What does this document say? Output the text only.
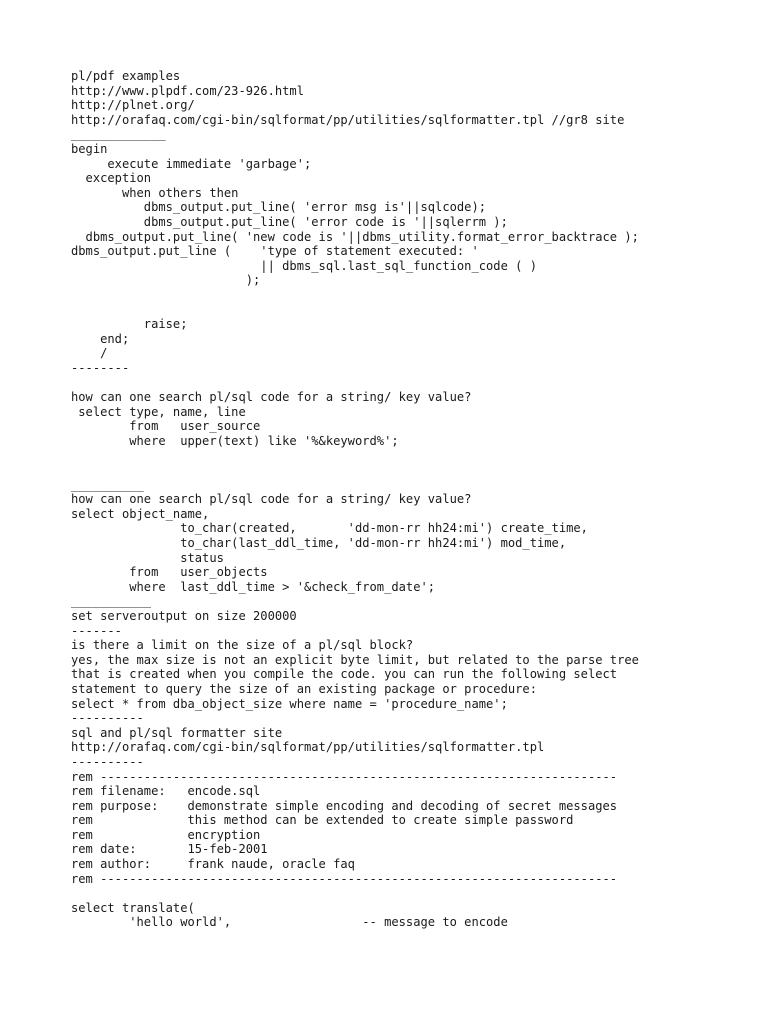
pl/pdf examples
http://www.plpdf.com/23-926.html
http://plnet.org/
http://orafaq.com/cgi-bin/sqlformat/pp/utilities/sqlformatter.tpl //gr8 site
_____________
begin
execute immediate 'garbage';
exception
when others then
dbms_output.put_line( 'error msg is'||sqlcode);
dbms_output.put_line( 'error code is '||sqlerrm );
dbms_output.put_line( 'new code is '||dbms_utility.format_error_backtrace );
dbms_output.put_line (    'type of statement executed: '
|| dbms_sql.last_sql_function_code ( )
);
raise;
end;
/
--------
how can one search pl/sql code for a string/ key value?
select type, name, line
from   user_source
where  upper(text) like '%&keyword%';
__________
how can one search pl/sql code for a string/ key value?
select object_name,
to_char(created,       'dd-mon-rr hh24:mi') create_time,
to_char(last_ddl_time, 'dd-mon-rr hh24:mi') mod_time,
status
from   user_objects
where  last_ddl_time > '&check_from_date';
___________
set serveroutput on size 200000
-------
is there a limit on the size of a pl/sql block?
yes, the max size is not an explicit byte limit, but related to the parse tree
that is created when you compile the code. you can run the following select
statement to query the size of an existing package or procedure:
select * from dba_object_size where name = 'procedure_name';
----------
sql and pl/sql formatter site
http://orafaq.com/cgi-bin/sqlformat/pp/utilities/sqlformatter.tpl
----------
rem -----------------------------------------------------------------------
rem filename:   encode.sql
rem purpose:    demonstrate simple encoding and decoding of secret messages
rem             this method can be extended to create simple password
rem             encryption
rem date:       15-feb-2001
rem author:     frank naude, oracle faq
rem -----------------------------------------------------------------------
select translate(
'hello world',                  -- message to encode
